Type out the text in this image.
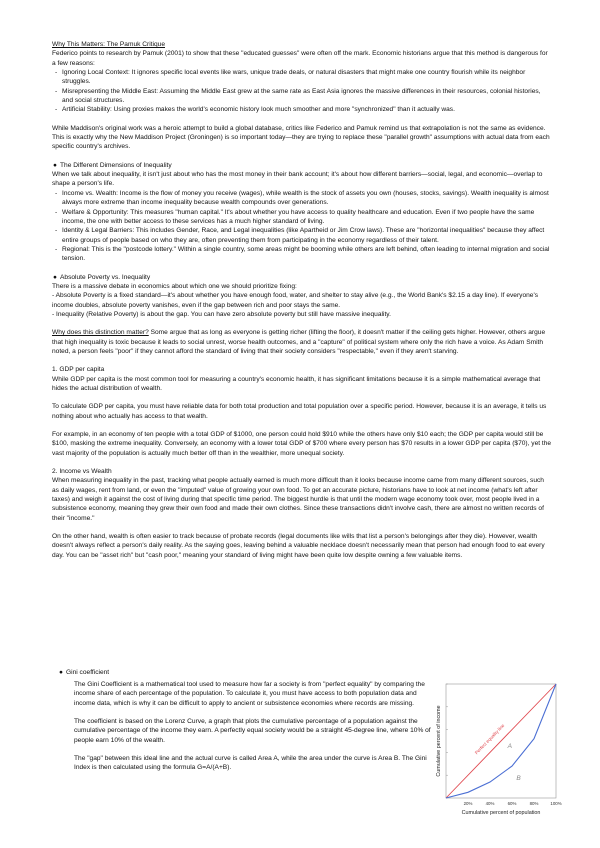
Why This Matters: The Pamuk Critique

Federico points to research by Pamuk (2001) to show that these "educated guesses" were often off the mark. Economic historians argue that this method is dangerous for a few reasons:

- Ignoring Local Context: It ignores specific local events like wars, unique trade deals, or natural disasters that might make one country flourish while its neighbor struggles.
- Misrepresenting the Middle East: Assuming the Middle East grew at the same rate as East Asia ignores the massive differences in their resources, colonial histories, and social structures.
- Artificial Stability: Using proxies makes the world's economic history look much smoother and more "synchronized" than it actually was.

While Maddison's original work was a heroic attempt to build a global database, critics like Federico and Pamuk remind us that extrapolation is not the same as evidence. This is exactly why the New Maddison Project (Groningen) is so important today—they are trying to replace these "parallel growth" assumptions with actual data from each specific country's archives.

● The Different Dimensions of Inequality

When we talk about inequality, it isn't just about who has the most money in their bank account; it's about how different barriers—social, legal, and economic—overlap to shape a person's life.

- Income vs. Wealth: Income is the flow of money you receive (wages), while wealth is the stock of assets you own (houses, stocks, savings). Wealth inequality is almost always more extreme than income inequality because wealth compounds over generations.
- Welfare & Opportunity: This measures "human capital." It's about whether you have access to quality healthcare and education. Even if two people have the same income, the one with better access to these services has a much higher standard of living.
- Identity & Legal Barriers: This includes Gender, Race, and Legal inequalities (like Apartheid or Jim Crow laws). These are "horizontal inequalities" because they affect entire groups of people based on who they are, often preventing them from participating in the economy regardless of their talent.
- Regional: This is the "postcode lottery." Within a single country, some areas might be booming while others are left behind, often leading to internal migration and social tension.

● Absolute Poverty vs. Inequality

There is a massive debate in economics about which one we should prioritize fixing:

- Absolute Poverty is a fixed standard—it's about whether you have enough food, water, and shelter to stay alive (e.g., the World Bank's $2.15 a day line). If everyone's income doubles, absolute poverty vanishes, even if the gap between rich and poor stays the same.

- Inequality (Relative Poverty) is about the gap. You can have zero absolute poverty but still have massive inequality.

Why does this distinction matter? Some argue that as long as everyone is getting richer (lifting the floor), it doesn't matter if the ceiling gets higher. However, others argue that high inequality is toxic because it leads to social unrest, worse health outcomes, and a "capture" of political system where only the rich have a voice. As Adam Smith noted, a person feels "poor" if they cannot afford the standard of living that their society considers "respectable," even if they aren't starving.

1. GDP per capita

While GDP per capita is the most common tool for measuring a country's economic health, it has significant limitations because it is a simple mathematical average that hides the actual distribution of wealth.

To calculate GDP per capita, you must have reliable data for both total production and total population over a specific period. However, because it is an average, it tells us nothing about who actually has access to that wealth.

For example, in an economy of ten people with a total GDP of $1000, one person could hold $910 while the others have only $10 each; the GDP per capita would still be $100, masking the extreme inequality. Conversely, an economy with a lower total GDP of $700 where every person has $70 results in a lower GDP per capita ($70), yet the vast majority of the population is actually much better off than in the wealthier, more unequal society.

2. Income vs Wealth

When measuring inequality in the past, tracking what people actually earned is much more difficult than it looks because income came from many different sources, such as daily wages, rent from land, or even the "imputed" value of growing your own food. To get an accurate picture, historians have to look at net income (what's left after taxes) and weigh it against the cost of living during that specific time period. The biggest hurdle is that until the modern wage economy took over, most people lived in a subsistence economy, meaning they grew their own food and made their own clothes. Since these transactions didn't involve cash, there are almost no written records of their "income."

On the other hand, wealth is often easier to track because of probate records (legal documents like wills that list a person's belongings after they die). However, wealth doesn't always reflect a person's daily reality. As the saying goes, leaving behind a valuable necklace doesn't necessarily mean that person had enough food to eat every day. You can be "asset rich" but "cash poor," meaning your standard of living might have been quite low despite owning a few valuable items.

● Gini coefficient

The Gini Coefficient is a mathematical tool used to measure how far a society is from "perfect equality" by comparing the income share of each percentage of the population. To calculate it, you must have access to both population data and income data, which is why it can be difficult to apply to ancient or subsistence economies where records are missing.

The coefficient is based on the Lorenz Curve, a graph that plots the cumulative percentage of a population against the cumulative percentage of the income they earn. A perfectly equal society would be a straight 45-degree line, where 10% of people earn 10% of the wealth.

The "gap" between this ideal line and the actual curve is called Area A, while the area under the curve is Area B. The Gini Index is then calculated using the formula G=A/(A+B).

20%	40%	60%	80%	100%
Perfect equality line A
B
Cumulative percent of population
Cumulative percent of income
